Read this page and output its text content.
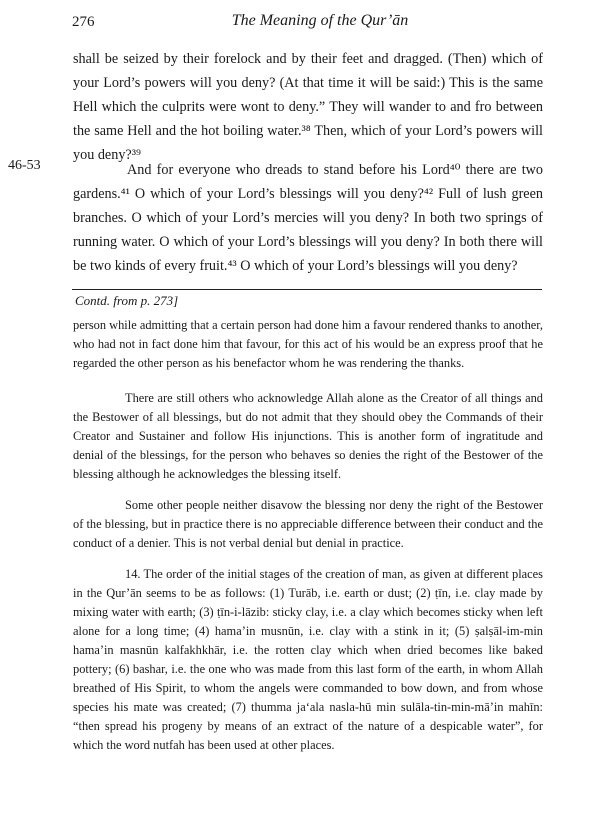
276	The Meaning of the Qur’ān

shall be seized by their forelock and by their feet and dragged. (Then) which of your Lord’s powers will you deny? (At that time it will be said:) This is the same Hell which the culprits were wont to deny.” They will wander to and fro between the same Hell and the hot boiling water.³⁸ Then, which of your Lord’s powers will you deny?³⁹

46-53	And for everyone who dreads to stand before his Lord⁴⁰ there are two gardens.⁴¹ O which of your Lord’s blessings will you deny?⁴² Full of lush green branches. O which of your Lord’s mercies will you deny? In both two springs of running water. O which of your Lord’s blessings will you deny? In both there will be two kinds of every fruit.⁴³ O which of your Lord’s blessings will you deny?

Contd. from p. 273]

person while admitting that a certain person had done him a favour rendered thanks to another, who had not in fact done him that favour, for this act of his would be an express proof that he regarded the other person as his benefactor whom he was rendering the thanks.

There are still others who acknowledge Allah alone as the Creator of all things and the Bestower of all blessings, but do not admit that they should obey the Commands of their Creator and Sustainer and follow His injunctions. This is another form of ingratitude and denial of the blessings, for the person who behaves so denies the right of the Bestower of the blessing although he acknowledges the blessing itself.

Some other people neither disavow the blessing nor deny the right of the Bestower of the blessing, but in practice there is no appreciable difference between their conduct and the conduct of a denier. This is not verbal denial but denial in practice.

14. The order of the initial stages of the creation of man, as given at different places in the Qur’ān seems to be as follows: (1) Turāb, i.e. earth or dust; (2) ṭīn, i.e. clay made by mixing water with earth; (3) ṭīn-i-lāzib: sticky clay, i.e. a clay which becomes sticky when left alone for a long time; (4) hama’in musnūn, i.e. clay with a stink in it; (5) ṣalṣāl-im-min hama’in masnūn kalfakhkhār, i.e. the rotten clay which when dried becomes like baked pottery; (6) bashar, i.e. the one who was made from this last form of the earth, in whom Allah breathed of His Spirit, to whom the angels were commanded to bow down, and from whose species his mate was created; (7) thumma ja‘ala nasla-hū min sulāla-tin-min-mā’in mahīn: “then spread his progeny by means of an extract of the nature of a despicable water”, for which the word nutfah has been used at other places.
